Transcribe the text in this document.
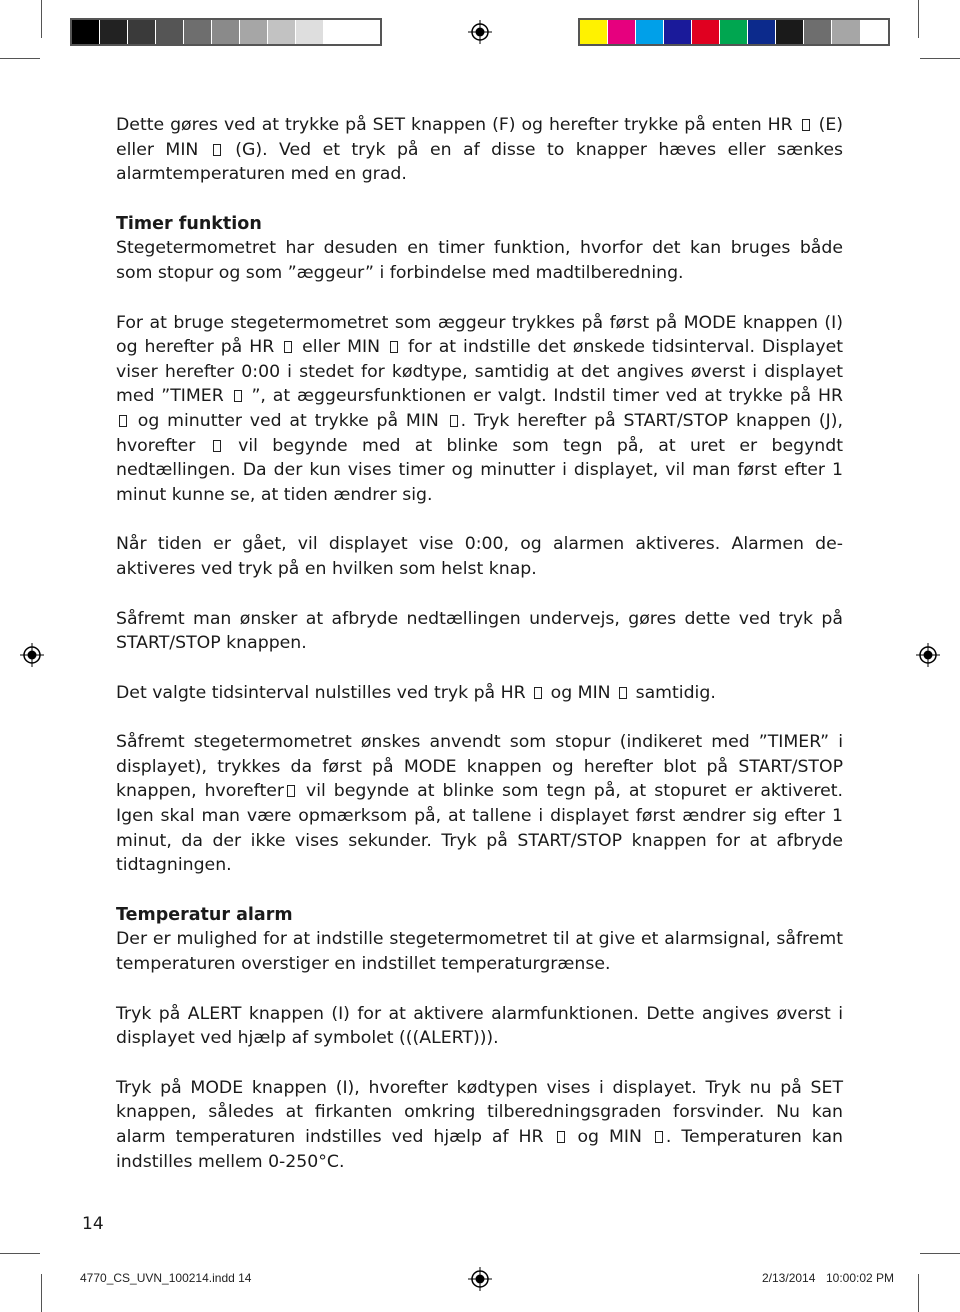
Dette gøres ved at trykke på SET knappen (F) og herefter trykke på enten HR  (E) eller MIN  (G). Ved et tryk på en af disse to knapper hæves eller sænkes alarmtemperaturen med en grad.

Timer funktion

Stegetermometret har desuden en timer funktion, hvorfor det kan bruges både som stopur og som ”æggeur” i forbindelse med madtilberedning.

For at bruge stegetermometret som æggeur trykkes på først på MODE knappen (I) og herefter på HR  eller MIN  for at indstille det ønskede tidsinterval. Displayet viser herefter 0:00 i stedet for kødtype, samtidig at det angives øverst i displayet med ”TIMER  ”, at æggeursfunktionen er valgt. Indstil timer ved at trykke på HR  og minutter ved at trykke på MIN . Tryk herefter på START/STOP knappen (J), hvorefter  vil begynde med at blinke som tegn på, at uret er begyndt nedtællingen. Da der kun vises timer og minutter i displayet, vil man først efter 1 minut kunne se, at tiden ændrer sig.

Når tiden er gået, vil displayet vise 0:00, og alarmen aktiveres. Alarmen de-aktiveres ved tryk på en hvilken som helst knap.

Såfremt man ønsker at afbryde nedtællingen undervejs, gøres dette ved tryk på START/STOP knappen.

Det valgte tidsinterval nulstilles ved tryk på HR  og MIN  samtidig.

Såfremt stegetermometret ønskes anvendt som stopur (indikeret med ”TIMER” i displayet), trykkes da først på MODE knappen og herefter blot på START/STOP knappen, hvorefter vil begynde at blinke som tegn på, at stopuret er aktiveret. Igen skal man være opmærksom på, at tallene i displayet først ændrer sig efter 1 minut, da der ikke vises sekunder. Tryk på START/STOP knappen for at afbryde tidtagningen.

Temperatur alarm

Der er mulighed for at indstille stegetermometret til at give et alarmsignal, såfremt temperaturen overstiger en indstillet temperaturgrænse.

Tryk på ALERT knappen (I) for at aktivere alarmfunktionen. Dette angives øverst i displayet ved hjælp af symbolet (((ALERT))).

Tryk på MODE knappen (I), hvorefter kødtypen vises i displayet. Tryk nu på SET knappen, således at firkanten omkring tilberedningsgraden forsvinder. Nu kan alarm temperaturen indstilles ved hjælp af HR  og MIN . Temperaturen kan indstilles mellem 0-250°C.

14
4770_CS_UVN_100214.indd 14	2/13/2014 10:00:02 PM
